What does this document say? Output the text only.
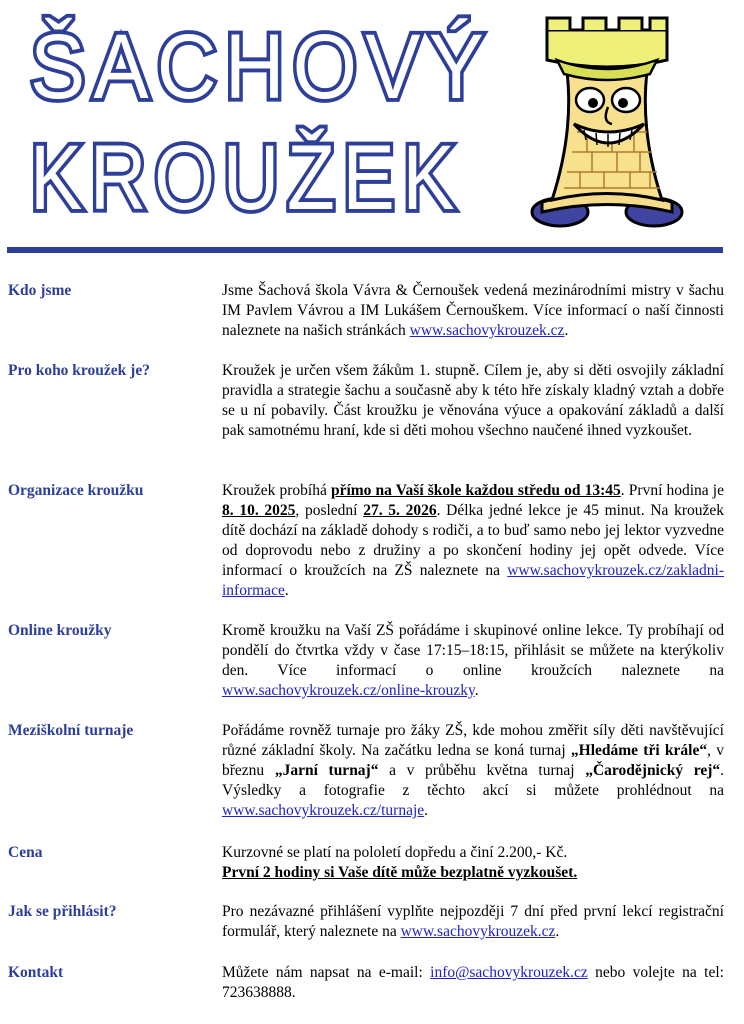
ŠACHOVÝ
KROUŽEK
Kdo jsme	Jsme Šachová škola Vávra & Černoušek vedená mezinárodními mistry v šachu IM Pavlem Vávrou a IM Lukášem Černouškem. Více informací o naší činnosti naleznete na našich stránkách www.sachovykrouzek.cz.
Pro koho kroužek je?	Kroužek je určen všem žákům 1. stupně. Cílem je, aby si děti osvojily základní pravidla a strategie šachu a současně aby k této hře získaly kladný vztah a dobře se u ní pobavily. Část kroužku je věnována výuce a opakování základů a další pak samotnému hraní, kde si děti mohou všechno naučené ihned vyzkoušet.
Organizace kroužku	Kroužek probíhá přímo na Vaší škole každou středu od 13:45. První hodina je 8. 10. 2025, poslední 27. 5. 2026. Délka jedné lekce je 45 minut. Na kroužek dítě dochází na základě dohody s rodiči, a to buď samo nebo jej lektor vyzvedne od doprovodu nebo z družiny a po skončení hodiny jej opět odvede. Více informací o kroužcích na ZŠ naleznete na www.sachovykrouzek.cz/zakladni-informace.
Online kroužky	Kromě kroužku na Vaší ZŠ pořádáme i skupinové online lekce. Ty probíhají od pondělí do čtvrtka vždy v čase 17:15–18:15, přihlásit se můžete na kterýkoliv den. Více informací o online kroužcích naleznete na www.sachovykrouzek.cz/online-krouzky.
Meziškolní turnaje	Pořádáme rovněž turnaje pro žáky ZŠ, kde mohou změřit síly děti navštěvující různé základní školy. Na začátku ledna se koná turnaj „Hledáme tři krále“, v březnu „Jarní turnaj“ a v průběhu května turnaj „Čarodějnický rej“. Výsledky a fotografie z těchto akcí si můžete prohlédnout na www.sachovykrouzek.cz/turnaje.
Cena	Kurzovné se platí na pololetí dopředu a činí 2.200,- Kč.
První 2 hodiny si Vaše dítě může bezplatně vyzkoušet.
Jak se přihlásit?	Pro nezávazné přihlášení vyplňte nejpozději 7 dní před první lekcí registrační formulář, který naleznete na www.sachovykrouzek.cz.
Kontakt	Můžete nám napsat na e-mail: info@sachovykrouzek.cz nebo volejte na tel: 723638888.
